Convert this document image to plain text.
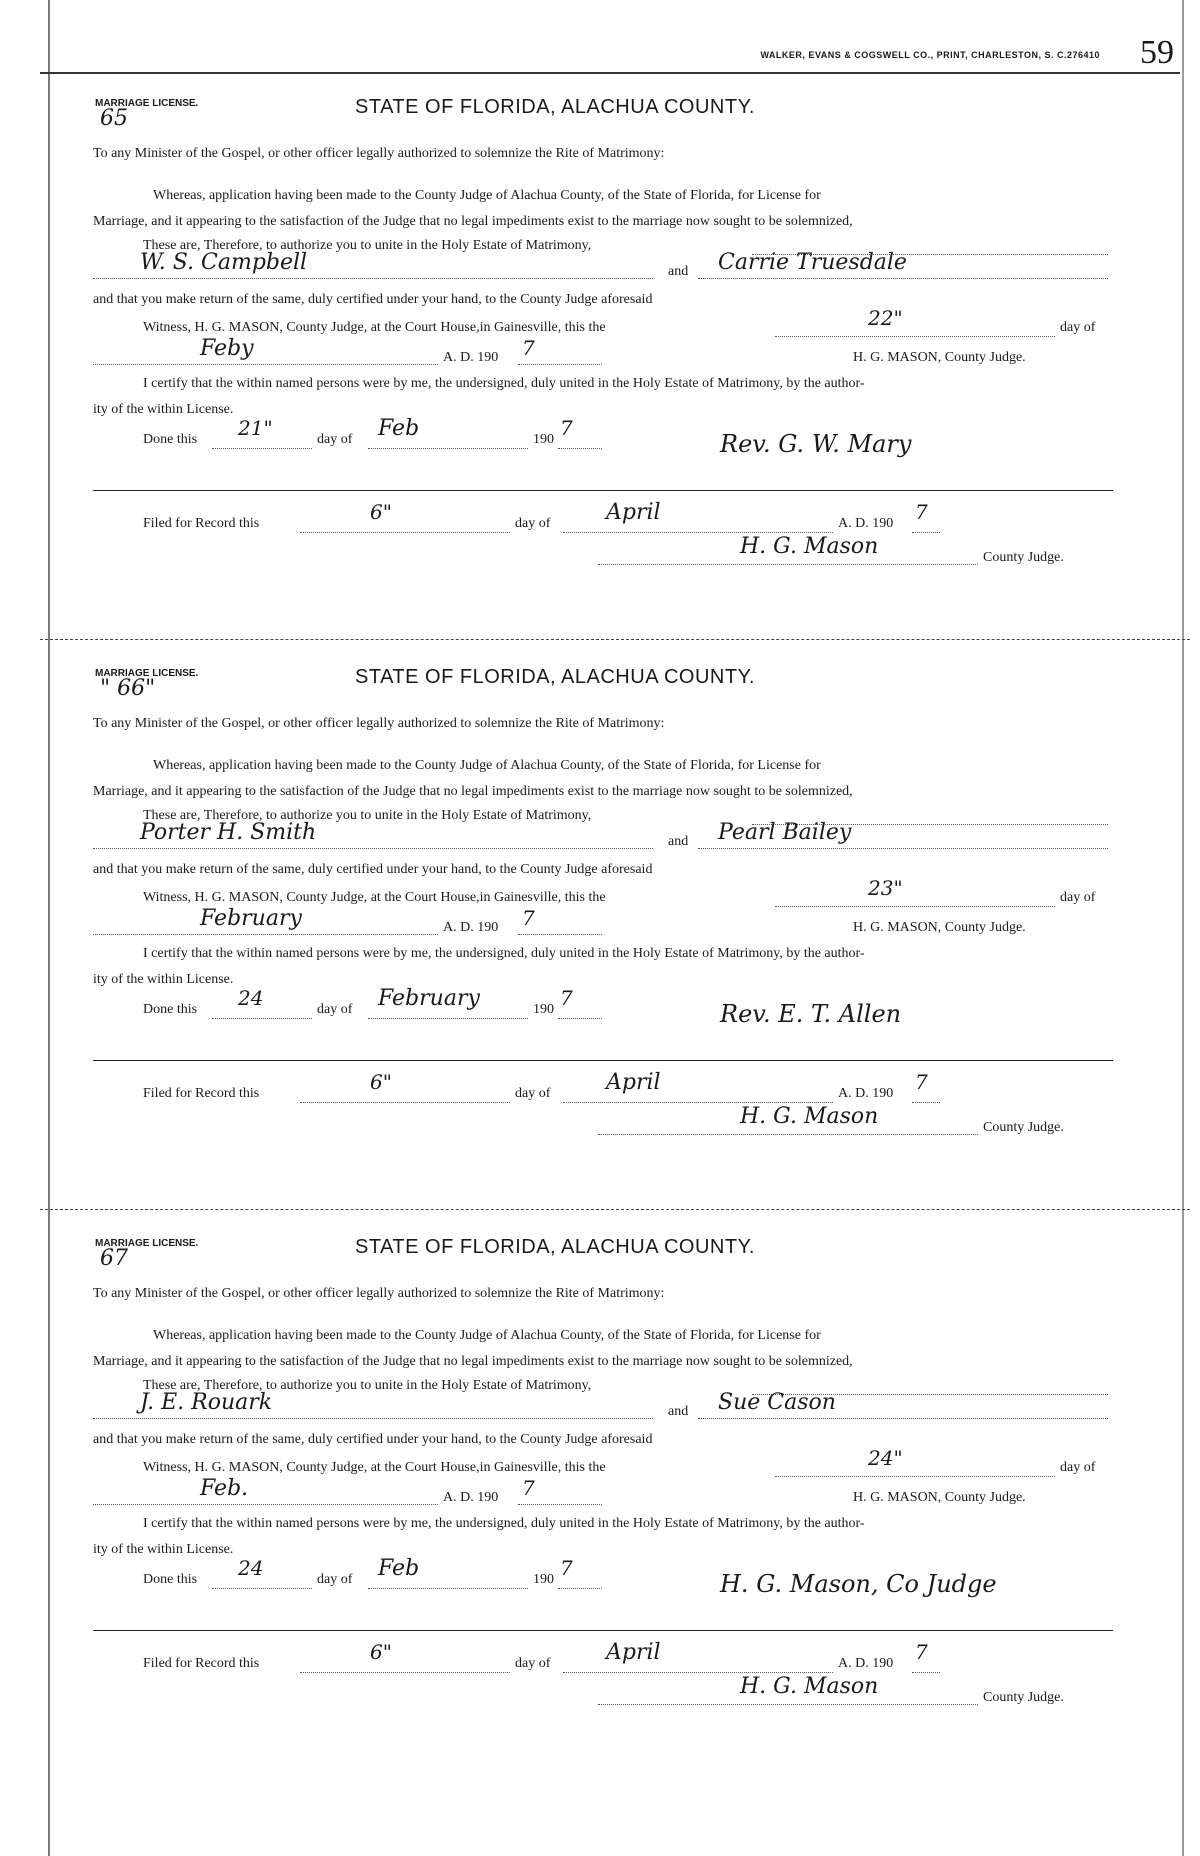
WALKER, EVANS & COGSWELL CO., PRINT, CHARLESTON, S. C.276410 59
MARRIAGE LICENSE.
65	STATE OF FLORIDA, ALACHUA COUNTY.
To any Minister of the Gospel, or other officer legally authorized to solemnize the Rite of Matrimony:
Whereas, application having been made to the County Judge of Alachua County, of the State of Florida, for License for
Marriage, and it appearing to the satisfaction of the Judge that no legal impediments exist to the marriage now sought to be solemnized,
These are, Therefore, to authorize you to unite in the Holy Estate of Matrimony,
W. S. Campbell	and Carrie Truesdale
and that you make return of the same, duly certified under your hand, to the County Judge aforesaid
Witness, H. G. MASON, County Judge, at the Court House,in Gainesville, this the	22"	day of
Feby	A. D. 190 7	H. G. MASON, County Judge.
I certify that the within named persons were by me, the undersigned, duly united in the Holy Estate of Matrimony, by the author-
ity of the within License.
Done this 21"	day of Feb	190 7
Rev. G. W. Mary
Filed for Record this	6"	day of	April	A. D. 190 7
H. G. Mason	County Judge.
MARRIAGE LICENSE.
" 66"	STATE OF FLORIDA, ALACHUA COUNTY.
To any Minister of the Gospel, or other officer legally authorized to solemnize the Rite of Matrimony:
Whereas, application having been made to the County Judge of Alachua County, of the State of Florida, for License for
Marriage, and it appearing to the satisfaction of the Judge that no legal impediments exist to the marriage now sought to be solemnized,
These are, Therefore, to authorize you to unite in the Holy Estate of Matrimony,
Porter H. Smith	and Pearl Bailey
and that you make return of the same, duly certified under your hand, to the County Judge aforesaid
Witness, H. G. MASON, County Judge, at the Court House,in Gainesville, this the	23"	day of
February	A. D. 190 7	H. G. MASON, County Judge.
I certify that the within named persons were by me, the undersigned, duly united in the Holy Estate of Matrimony, by the author-
ity of the within License.
Done this 24	day of February	190 7
Rev. E. T. Allen
Filed for Record this	6"	day of	April	A. D. 190 7
H. G. Mason	County Judge.
MARRIAGE LICENSE.
67	STATE OF FLORIDA, ALACHUA COUNTY.
To any Minister of the Gospel, or other officer legally authorized to solemnize the Rite of Matrimony:
Whereas, application having been made to the County Judge of Alachua County, of the State of Florida, for License for
Marriage, and it appearing to the satisfaction of the Judge that no legal impediments exist to the marriage now sought to be solemnized,
These are, Therefore, to authorize you to unite in the Holy Estate of Matrimony,
J. E. Rouark	and Sue Cason
and that you make return of the same, duly certified under your hand, to the County Judge aforesaid
Witness, H. G. MASON, County Judge, at the Court House,in Gainesville, this the	24"	day of
Feb.	A. D. 190 7	H. G. MASON, County Judge.
I certify that the within named persons were by me, the undersigned, duly united in the Holy Estate of Matrimony, by the author-
ity of the within License.
Done this 24	day of Feb	190 7
H. G. Mason, Co Judge
Filed for Record this	6"	day of	April	A. D. 190 7
H. G. Mason	County Judge.
